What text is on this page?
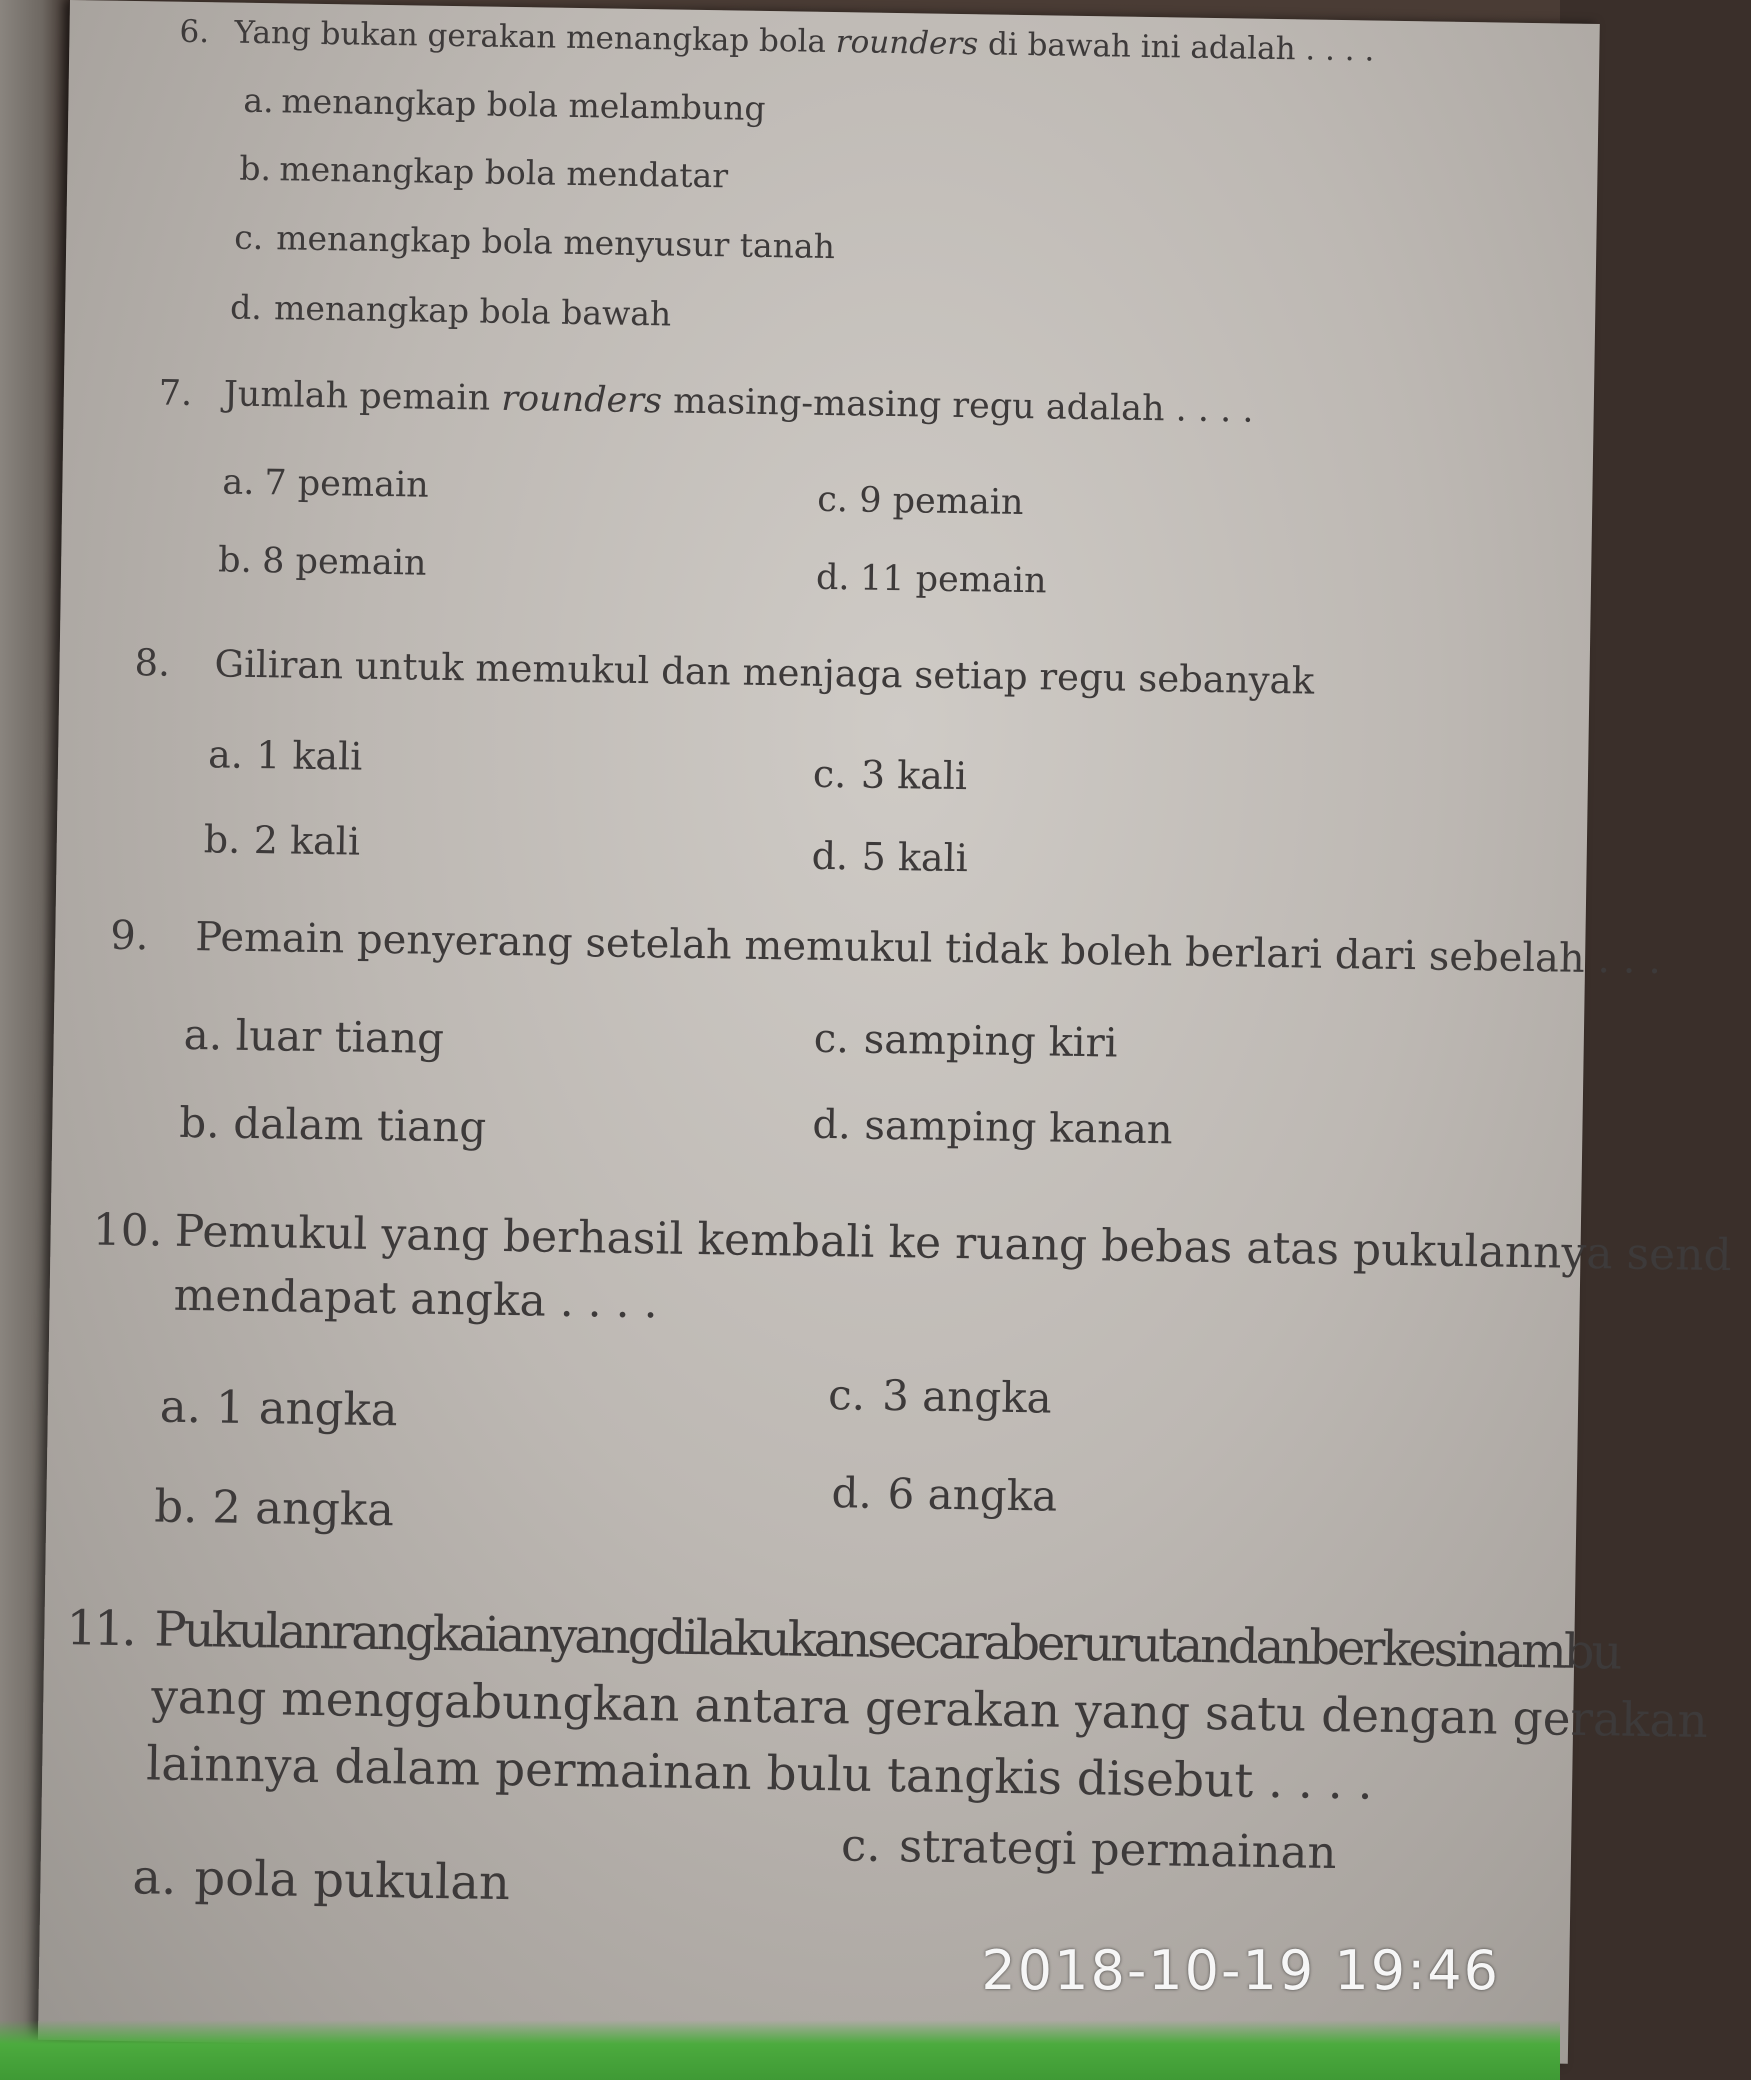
6. Yang bukan gerakan menangkap bola rounders di bawah ini adalah . . . .
a. menangkap bola melambung
b. menangkap bola mendatar
c. menangkap bola menyusur tanah
d. menangkap bola bawah
7. Jumlah pemain rounders masing-masing regu adalah . . . .
a. 7 pemain
b. 8 pemain
c. 9 pemain
d. 11 pemain
8. Giliran untuk memukul dan menjaga setiap regu sebanyak
a. 1 kali
b. 2 kali
c. 3 kali
d. 5 kali
9. Pemain penyerang setelah memukul tidak boleh berlari dari sebelah . . .
a. luar tiang
b. dalam tiang
c. samping kiri
d. samping kanan
10. Pemukul yang berhasil kembali ke ruang bebas atas pukulannya send
mendapat angka . . . .
a. 1 angka
b. 2 angka
c. 3 angka
d. 6 angka
11. Pukulanrangkaianyangdilakukansecaraberurutandanberkesinambu
yang menggabungkan antara gerakan yang satu dengan gerakan
lainnya dalam permainan bulu tangkis disebut . . . .
a. pola pukulan
c. strategi permainan
2018-10-19 19:46
